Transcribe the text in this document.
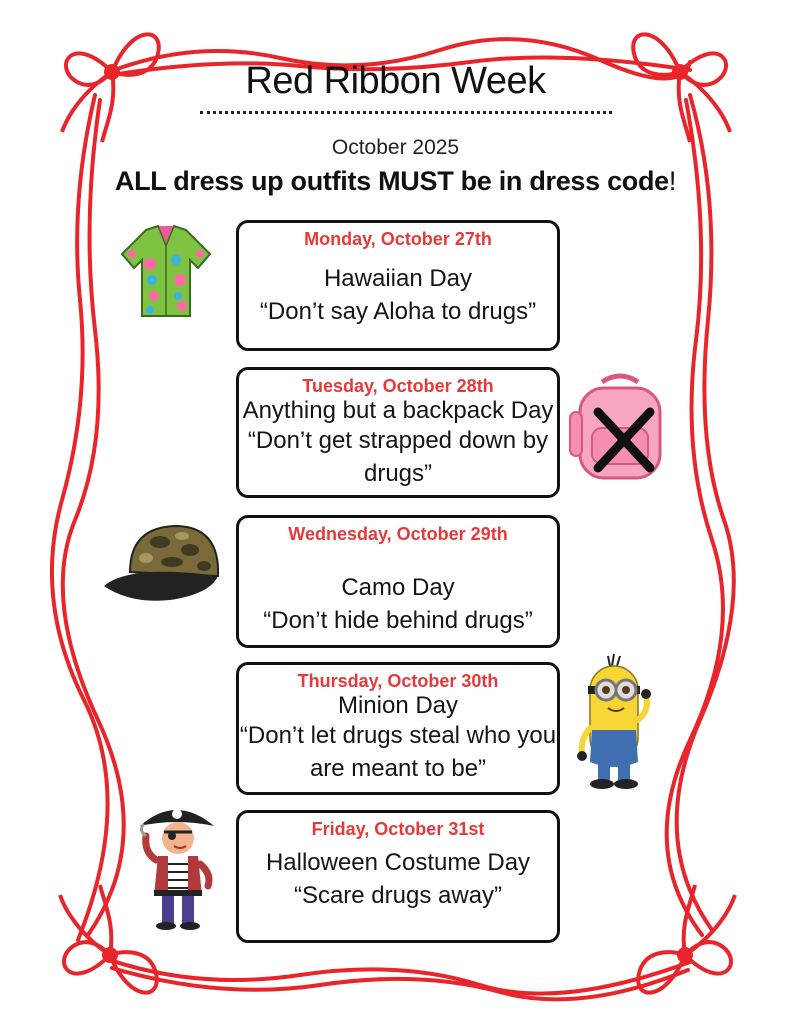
Red Ribbon Week
October 2025
ALL dress up outfits MUST be in dress code!
Monday, October 27th
Hawaiian Day
“Don’t say Aloha to drugs”
Tuesday, October 28th
Anything but a backpack Day
“Don’t get strapped down by drugs”
Wednesday, October 29th
Camo Day
“Don’t hide behind drugs”
Thursday, October 30th
Minion Day
“Don’t let drugs steal who you are meant to be”
Friday, October 31st
Halloween Costume Day
“Scare drugs away”
